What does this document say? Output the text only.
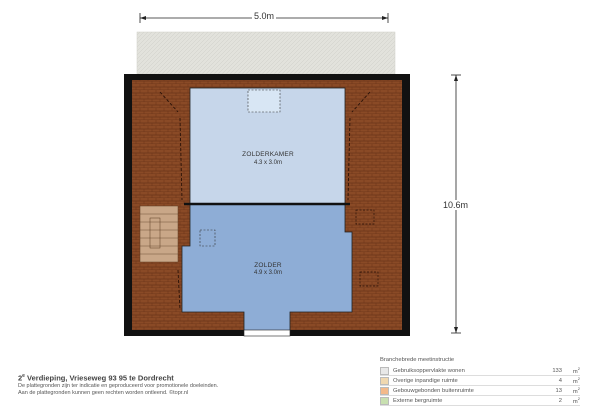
5.0m
10.6m
ZOLDERKAMER
4.3 x 3.0m
ZOLDER
4.9 x 3.0m
2e Verdieping, Vrieseweg 93 95 te Dordrecht
De plattegronden zijn ter indicatie en geproduceerd voor promotionele doeleinden.
Aan de plattegronden kunnen geen rechten worden ontleend. ©topr.nl
Branchebrede meetinstructie
Gebruiksoppervlakte wonen	133	$m^2$
Overige inpandige ruimte	4	$m^2$
Gebouwgebonden buitenruimte	13	$m^2$
Externe bergruimte	2	$m^2$
